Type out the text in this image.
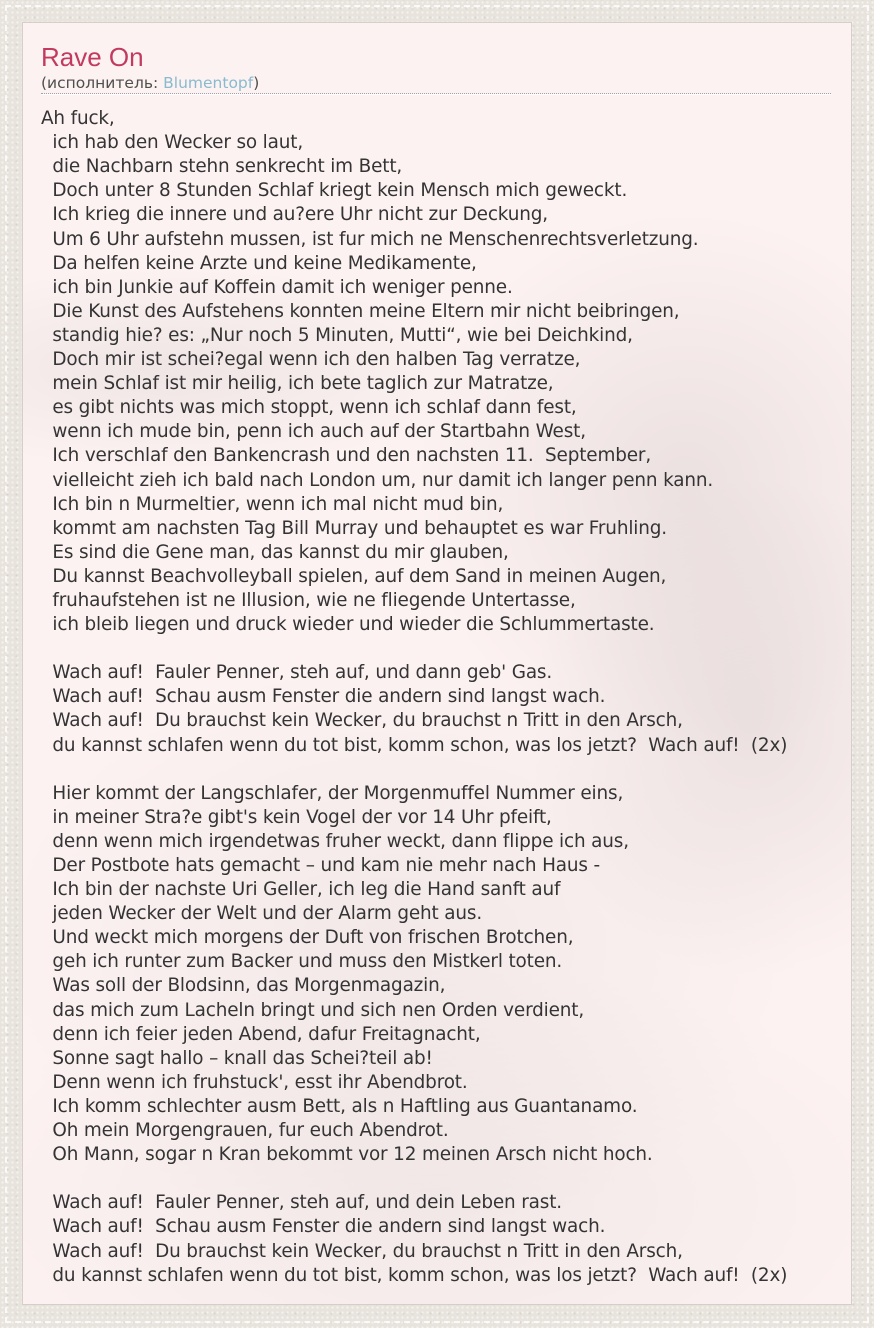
Rave On
(исполнитель: Blumentopf)
Ah fuck,
ich hab den Wecker so laut,
die Nachbarn stehn senkrecht im Bett,
Doch unter 8 Stunden Schlaf kriegt kein Mensch mich geweckt.
Ich krieg die innere und au?ere Uhr nicht zur Deckung,
Um 6 Uhr aufstehn mussen, ist fur mich ne Menschenrechtsverletzung.
Da helfen keine Arzte und keine Medikamente,
ich bin Junkie auf Koffein damit ich weniger penne.
Die Kunst des Aufstehens konnten meine Eltern mir nicht beibringen,
standig hie? es: „Nur noch 5 Minuten, Mutti“, wie bei Deichkind,
Doch mir ist schei?egal wenn ich den halben Tag verratze,
mein Schlaf ist mir heilig, ich bete taglich zur Matratze,
es gibt nichts was mich stoppt, wenn ich schlaf dann fest,
wenn ich mude bin, penn ich auch auf der Startbahn West,
Ich verschlaf den Bankencrash und den nachsten 11.  September,
vielleicht zieh ich bald nach London um, nur damit ich langer penn kann.
Ich bin n Murmeltier, wenn ich mal nicht mud bin,
kommt am nachsten Tag Bill Murray und behauptet es war Fruhling.
Es sind die Gene man, das kannst du mir glauben,
Du kannst Beachvolleyball spielen, auf dem Sand in meinen Augen,
fruhaufstehen ist ne Illusion, wie ne fliegende Untertasse,
ich bleib liegen und druck wieder und wieder die Schlummertaste.
Wach auf!  Fauler Penner, steh auf, und dann geb' Gas.
Wach auf!  Schau ausm Fenster die andern sind langst wach.
Wach auf!  Du brauchst kein Wecker, du brauchst n Tritt in den Arsch,
du kannst schlafen wenn du tot bist, komm schon, was los jetzt?  Wach auf!  (2x)
Hier kommt der Langschlafer, der Morgenmuffel Nummer eins,
in meiner Stra?e gibt's kein Vogel der vor 14 Uhr pfeift,
denn wenn mich irgendetwas fruher weckt, dann flippe ich aus,
Der Postbote hats gemacht – und kam nie mehr nach Haus -
Ich bin der nachste Uri Geller, ich leg die Hand sanft auf
jeden Wecker der Welt und der Alarm geht aus.
Und weckt mich morgens der Duft von frischen Brotchen,
geh ich runter zum Backer und muss den Mistkerl toten.
Was soll der Blodsinn, das Morgenmagazin,
das mich zum Lacheln bringt und sich nen Orden verdient,
denn ich feier jeden Abend, dafur Freitagnacht,
Sonne sagt hallo – knall das Schei?teil ab!
Denn wenn ich fruhstuck', esst ihr Abendbrot.
Ich komm schlechter ausm Bett, als n Haftling aus Guantanamo.
Oh mein Morgengrauen, fur euch Abendrot.
Oh Mann, sogar n Kran bekommt vor 12 meinen Arsch nicht hoch.
Wach auf!  Fauler Penner, steh auf, und dein Leben rast.
Wach auf!  Schau ausm Fenster die andern sind langst wach.
Wach auf!  Du brauchst kein Wecker, du brauchst n Tritt in den Arsch,
du kannst schlafen wenn du tot bist, komm schon, was los jetzt?  Wach auf!  (2x)
